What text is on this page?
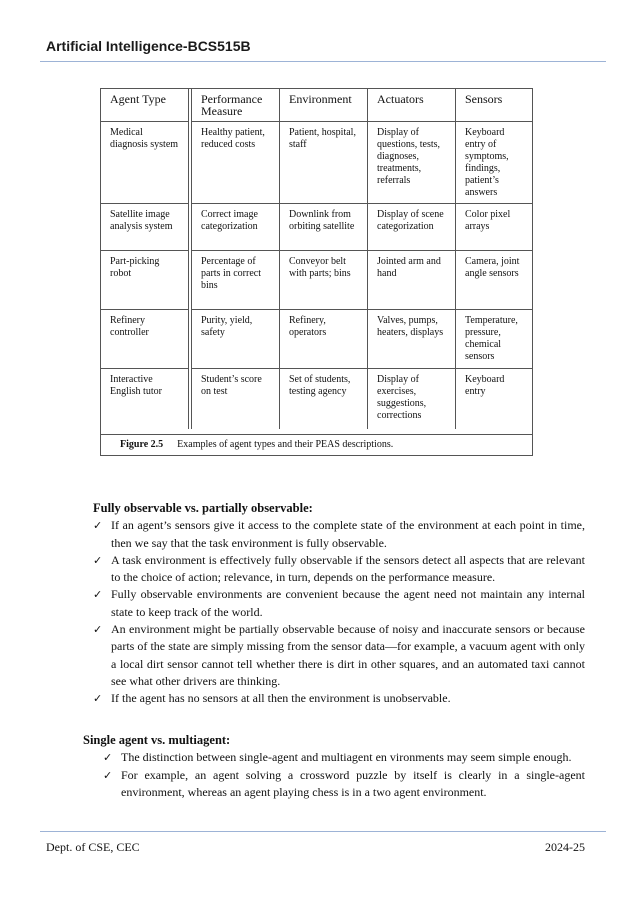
Artificial Intelligence-BCS515B
Agent Type	Performance Measure	Environment	Actuators	Sensors
Medical diagnosis system	Healthy patient, reduced costs	Patient, hospital, staff	Display of questions, tests, diagnoses, treatments, referrals	Keyboard entry of symptoms, findings, patient’s answers
Satellite image analysis system	Correct image categorization	Downlink from orbiting satellite	Display of scene categorization	Color pixel arrays
Part-picking robot	Percentage of parts in correct bins	Conveyor belt with parts; bins	Jointed arm and hand	Camera, joint angle sensors
Refinery controller	Purity, yield, safety	Refinery, operators	Valves, pumps, heaters, displays	Temperature, pressure, chemical sensors
Interactive English tutor	Student’s score on test	Set of students, testing agency	Display of exercises, suggestions, corrections	Keyboard entry
Figure 2.5 Examples of agent types and their PEAS descriptions.
Fully observable vs. partially observable:
✓ If an agent’s sensors give it access to the complete state of the environment at each point in time, then we say that the task environment is fully observable.
✓ A task environment is effectively fully observable if the sensors detect all aspects that are relevant to the choice of action; relevance, in turn, depends on the performance measure.
✓ Fully observable environments are convenient because the agent need not maintain any internal state to keep track of the world.
✓ An environment might be partially observable because of noisy and inaccurate sensors or because parts of the state are simply missing from the sensor data—for example, a vacuum agent with only a local dirt sensor cannot tell whether there is dirt in other squares, and an automated taxi cannot see what other drivers are thinking.
✓ If the agent has no sensors at all then the environment is unobservable.
Single agent vs. multiagent:
✓ The distinction between single-agent and multiagent en vironments may seem simple enough.
✓ For example, an agent solving a crossword puzzle by itself is clearly in a single-agent environment, whereas an agent playing chess is in a two agent environment.
Dept. of CSE, CEC	2024-25
